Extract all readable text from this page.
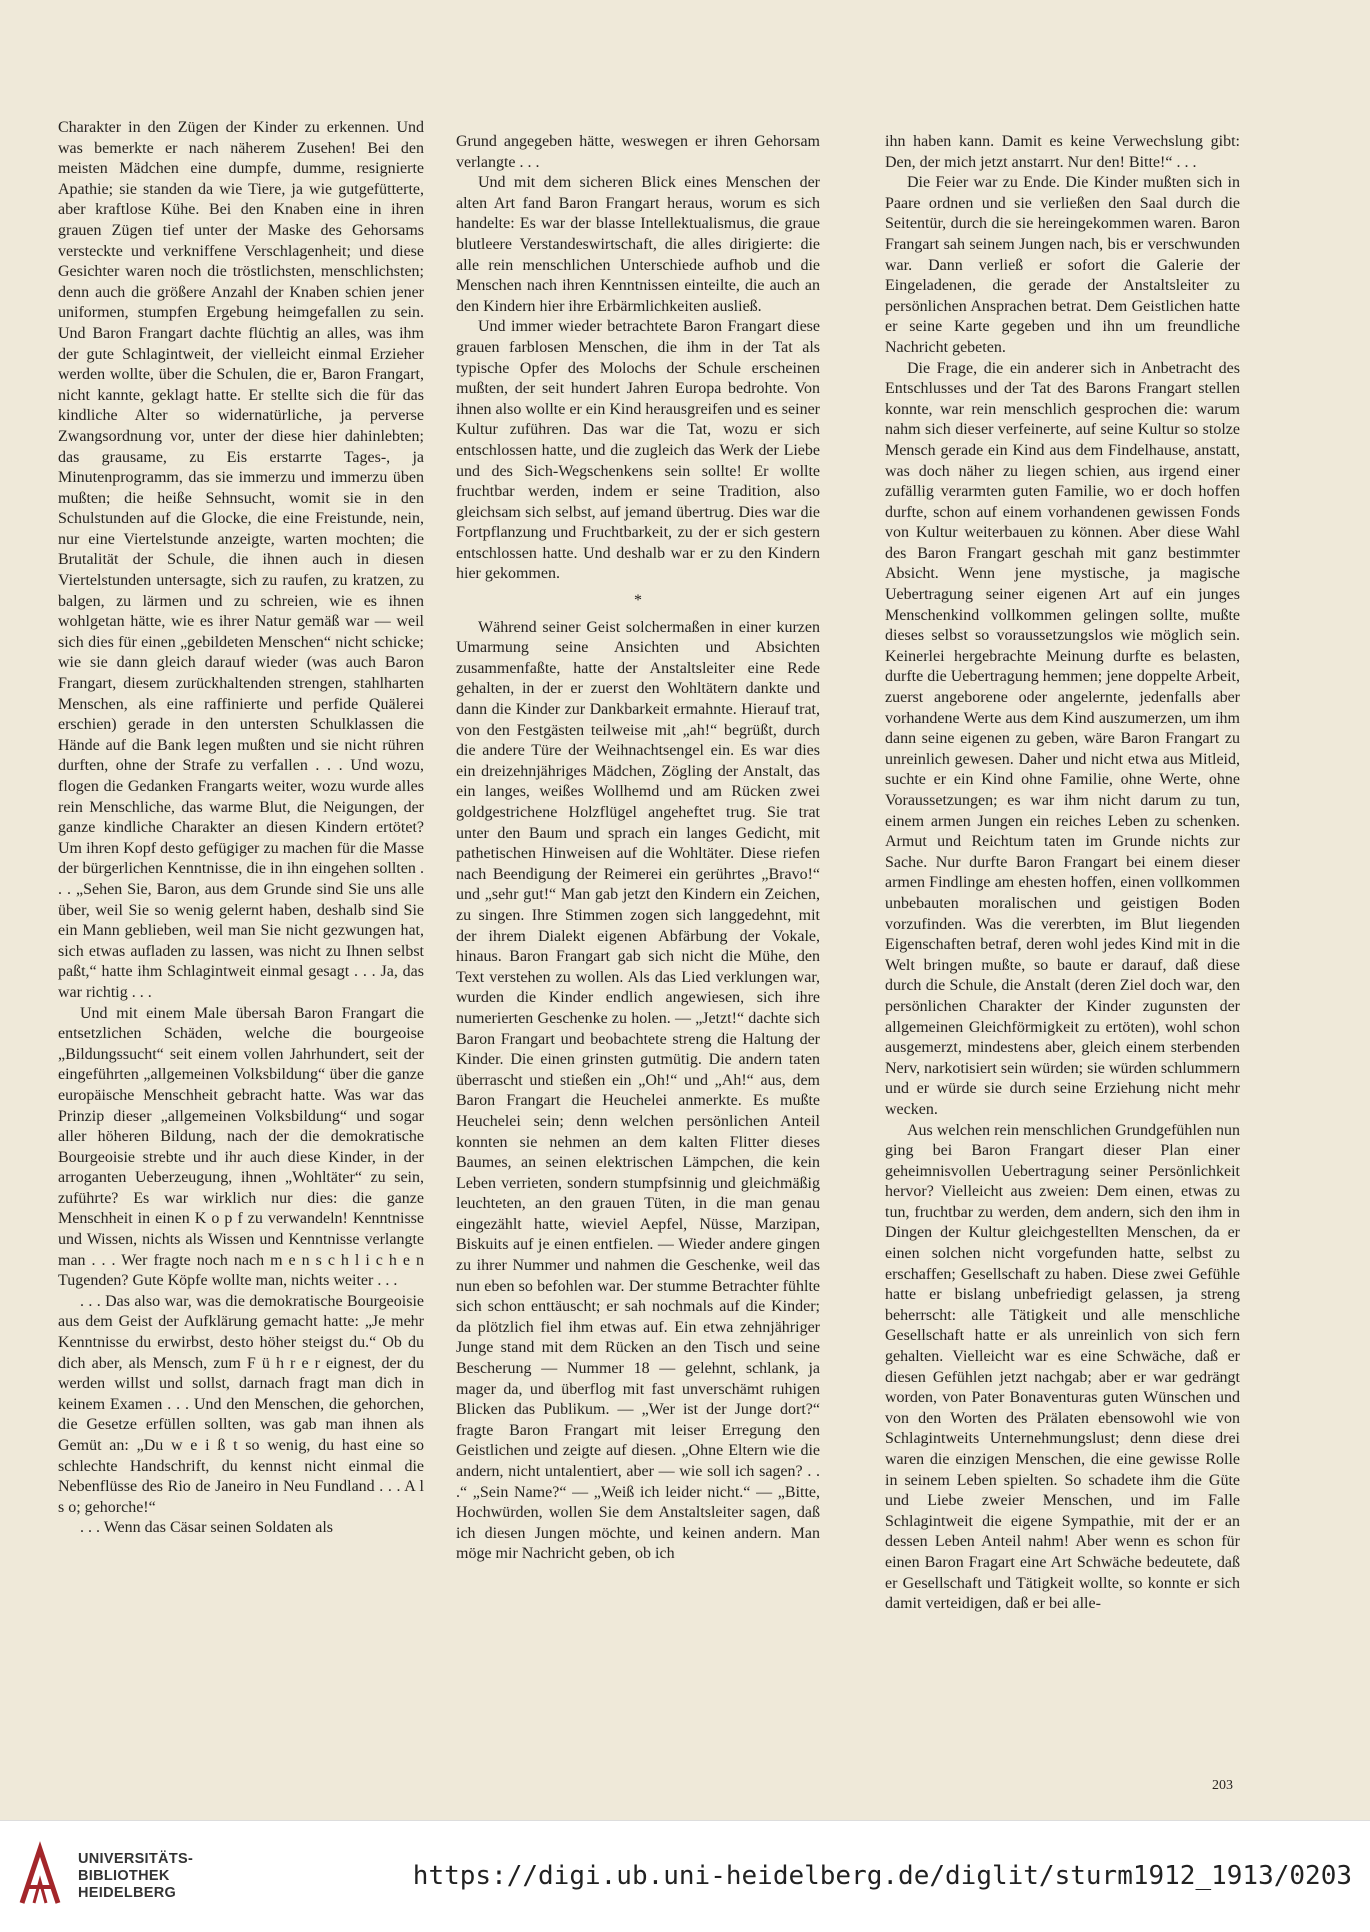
Charakter in den Zügen der Kinder zu erkennen. Und was bemerkte er nach näherem Zusehen! Bei den meisten Mädchen eine dumpfe, dumme, resignierte Apathie; sie standen da wie Tiere, ja wie gutgefütterte, aber kraftlose Kühe. Bei den Knaben eine in ihren grauen Zügen tief unter der Maske des Gehorsams versteckte und verkniffene Verschlagenheit; und diese Gesichter waren noch die tröstlichsten, menschlichsten; denn auch die größere Anzahl der Knaben schien jener uniformen, stumpfen Ergebung heimgefallen zu sein. Und Baron Frangart dachte flüchtig an alles, was ihm der gute Schlagintweit, der vielleicht einmal Erzieher werden wollte, über die Schulen, die er, Baron Frangart, nicht kannte, geklagt hatte. Er stellte sich die für das kindliche Alter so widernatürliche, ja perverse Zwangsordnung vor, unter der diese hier dahinlebten; das grausame, zu Eis erstarrte Tages-, ja Minutenprogramm, das sie immerzu und immerzu üben mußten; die heiße Sehnsucht, womit sie in den Schulstunden auf die Glocke, die eine Freistunde, nein, nur eine Viertelstunde anzeigte, warten mochten; die Brutalität der Schule, die ihnen auch in diesen Viertelstunden untersagte, sich zu raufen, zu kratzen, zu balgen, zu lärmen und zu schreien, wie es ihnen wohlgetan hätte, wie es ihrer Natur gemäß war — weil sich dies für einen „gebildeten Menschen“ nicht schicke; wie sie dann gleich darauf wieder (was auch Baron Frangart, diesem zurückhaltenden strengen, stahlharten Menschen, als eine raffinierte und perfide Quälerei erschien) gerade in den untersten Schulklassen die Hände auf die Bank legen mußten und sie nicht rühren durften, ohne der Strafe zu verfallen . . . Und wozu, flogen die Gedanken Frangarts weiter, wozu wurde alles rein Menschliche, das warme Blut, die Neigungen, der ganze kindliche Charakter an diesen Kindern ertötet? Um ihren Kopf desto gefügiger zu machen für die Masse der bürgerlichen Kenntnisse, die in ihn eingehen sollten . . . „Sehen Sie, Baron, aus dem Grunde sind Sie uns alle über, weil Sie so wenig gelernt haben, deshalb sind Sie ein Mann geblieben, weil man Sie nicht gezwungen hat, sich etwas aufladen zu lassen, was nicht zu Ihnen selbst paßt,“ hatte ihm Schlagintweit einmal gesagt . . . Ja, das war richtig . . .

Und mit einem Male übersah Baron Frangart die entsetzlichen Schäden, welche die bourgeoise „Bildungssucht“ seit einem vollen Jahrhundert, seit der eingeführten „allgemeinen Volksbildung“ über die ganze europäische Menschheit gebracht hatte. Was war das Prinzip dieser „allgemeinen Volksbildung“ und sogar aller höheren Bildung, nach der die demokratische Bourgeoisie strebte und ihr auch diese Kinder, in der arroganten Ueberzeugung, ihnen „Wohltäter“ zu sein, zuführte? Es war wirklich nur dies: die ganze Menschheit in einen K o p f zu verwandeln! Kenntnisse und Wissen, nichts als Wissen und Kenntnisse verlangte man . . . Wer fragte noch nach m e n s c h l i c h e n Tugenden? Gute Köpfe wollte man, nichts weiter . . .

. . . Das also war, was die demokratische Bourgeoisie aus dem Geist der Aufklärung gemacht hatte: „Je mehr Kenntnisse du erwirbst, desto höher steigst du.“ Ob du dich aber, als Mensch, zum F ü h r e r eignest, der du werden willst und sollst, darnach fragt man dich in keinem Examen . . . Und den Menschen, die gehorchen, die Gesetze erfüllen sollten, was gab man ihnen als Gemüt an: „Du w e i ß t so wenig, du hast eine so schlechte Handschrift, du kennst nicht einmal die Nebenflüsse des Rio de Janeiro in Neu Fundland . . . A l s o; gehorche!“

. . . Wenn das Cäsar seinen Soldaten als

Grund angegeben hätte, weswegen er ihren Gehorsam verlangte . . .

Und mit dem sicheren Blick eines Menschen der alten Art fand Baron Frangart heraus, worum es sich handelte: Es war der blasse Intellektualismus, die graue blutleere Verstandeswirtschaft, die alles dirigierte: die alle rein menschlichen Unterschiede aufhob und die Menschen nach ihren Kenntnissen einteilte, die auch an den Kindern hier ihre Erbärmlichkeiten ausließ.

Und immer wieder betrachtete Baron Frangart diese grauen farblosen Menschen, die ihm in der Tat als typische Opfer des Molochs der Schule erscheinen mußten, der seit hundert Jahren Europa bedrohte. Von ihnen also wollte er ein Kind herausgreifen und es seiner Kultur zuführen. Das war die Tat, wozu er sich entschlossen hatte, und die zugleich das Werk der Liebe und des Sich-Wegschenkens sein sollte! Er wollte fruchtbar werden, indem er seine Tradition, also gleichsam sich selbst, auf jemand übertrug. Dies war die Fortpflanzung und Fruchtbarkeit, zu der er sich gestern entschlossen hatte. Und deshalb war er zu den Kindern hier gekommen.

*

Während seiner Geist solchermaßen in einer kurzen Umarmung seine Ansichten und Absichten zusammenfaßte, hatte der Anstaltsleiter eine Rede gehalten, in der er zuerst den Wohltätern dankte und dann die Kinder zur Dankbarkeit ermahnte. Hierauf trat, von den Festgästen teilweise mit „ah!“ begrüßt, durch die andere Türe der Weihnachtsengel ein. Es war dies ein dreizehnjähriges Mädchen, Zögling der Anstalt, das ein langes, weißes Wollhemd und am Rücken zwei goldgestrichene Holzflügel angeheftet trug. Sie trat unter den Baum und sprach ein langes Gedicht, mit pathetischen Hinweisen auf die Wohltäter. Diese riefen nach Beendigung der Reimerei ein gerührtes „Bravo!“ und „sehr gut!“ Man gab jetzt den Kindern ein Zeichen, zu singen. Ihre Stimmen zogen sich langgedehnt, mit der ihrem Dialekt eigenen Abfärbung der Vokale, hinaus. Baron Frangart gab sich nicht die Mühe, den Text verstehen zu wollen. Als das Lied verklungen war, wurden die Kinder endlich angewiesen, sich ihre numerierten Geschenke zu holen. — „Jetzt!“ dachte sich Baron Frangart und beobachtete streng die Haltung der Kinder. Die einen grinsten gutmütig. Die andern taten überrascht und stießen ein „Oh!“ und „Ah!“ aus, dem Baron Frangart die Heuchelei anmerkte. Es mußte Heuchelei sein; denn welchen persönlichen Anteil konnten sie nehmen an dem kalten Flitter dieses Baumes, an seinen elektrischen Lämpchen, die kein Leben verrieten, sondern stumpfsinnig und gleichmäßig leuchteten, an den grauen Tüten, in die man genau eingezählt hatte, wieviel Aepfel, Nüsse, Marzipan, Biskuits auf je einen entfielen. — Wieder andere gingen zu ihrer Nummer und nahmen die Geschenke, weil das nun eben so befohlen war. Der stumme Betrachter fühlte sich schon enttäuscht; er sah nochmals auf die Kinder; da plötzlich fiel ihm etwas auf. Ein etwa zehnjähriger Junge stand mit dem Rücken an den Tisch und seine Bescherung — Nummer 18 — gelehnt, schlank, ja mager da, und überflog mit fast unverschämt ruhigen Blicken das Publikum. — „Wer ist der Junge dort?“ fragte Baron Frangart mit leiser Erregung den Geistlichen und zeigte auf diesen. „Ohne Eltern wie die andern, nicht untalentiert, aber — wie soll ich sagen? . . .“ „Sein Name?“ — „Weiß ich leider nicht.“ — „Bitte, Hochwürden, wollen Sie dem Anstaltsleiter sagen, daß ich diesen Jungen möchte, und keinen andern. Man möge mir Nachricht geben, ob ich

ihn haben kann. Damit es keine Verwechslung gibt: Den, der mich jetzt anstarrt. Nur den! Bitte!“ . . .

Die Feier war zu Ende. Die Kinder mußten sich in Paare ordnen und sie verließen den Saal durch die Seitentür, durch die sie hereingekommen waren. Baron Frangart sah seinem Jungen nach, bis er verschwunden war. Dann verließ er sofort die Galerie der Eingeladenen, die gerade der Anstaltsleiter zu persönlichen Ansprachen betrat. Dem Geistlichen hatte er seine Karte gegeben und ihn um freundliche Nachricht gebeten.

Die Frage, die ein anderer sich in Anbetracht des Entschlusses und der Tat des Barons Frangart stellen konnte, war rein menschlich gesprochen die: warum nahm sich dieser verfeinerte, auf seine Kultur so stolze Mensch gerade ein Kind aus dem Findelhause, anstatt, was doch näher zu liegen schien, aus irgend einer zufällig verarmten guten Familie, wo er doch hoffen durfte, schon auf einem vorhandenen gewissen Fonds von Kultur weiterbauen zu können. Aber diese Wahl des Baron Frangart geschah mit ganz bestimmter Absicht. Wenn jene mystische, ja magische Uebertragung seiner eigenen Art auf ein junges Menschenkind vollkommen gelingen sollte, mußte dieses selbst so voraussetzungslos wie möglich sein. Keinerlei hergebrachte Meinung durfte es belasten, durfte die Uebertragung hemmen; jene doppelte Arbeit, zuerst angeborene oder angelernte, jedenfalls aber vorhandene Werte aus dem Kind auszumerzen, um ihm dann seine eigenen zu geben, wäre Baron Frangart zu unreinlich gewesen. Daher und nicht etwa aus Mitleid, suchte er ein Kind ohne Familie, ohne Werte, ohne Voraussetzungen; es war ihm nicht darum zu tun, einem armen Jungen ein reiches Leben zu schenken. Armut und Reichtum taten im Grunde nichts zur Sache. Nur durfte Baron Frangart bei einem dieser armen Findlinge am ehesten hoffen, einen vollkommen unbebauten moralischen und geistigen Boden vorzufinden. Was die vererbten, im Blut liegenden Eigenschaften betraf, deren wohl jedes Kind mit in die Welt bringen mußte, so baute er darauf, daß diese durch die Schule, die Anstalt (deren Ziel doch war, den persönlichen Charakter der Kinder zugunsten der allgemeinen Gleichförmigkeit zu ertöten), wohl schon ausgemerzt, mindestens aber, gleich einem sterbenden Nerv, narkotisiert sein würden; sie würden schlummern und er würde sie durch seine Erziehung nicht mehr wecken.

Aus welchen rein menschlichen Grundgefühlen nun ging bei Baron Frangart dieser Plan einer geheimnisvollen Uebertragung seiner Persönlichkeit hervor? Vielleicht aus zweien: Dem einen, etwas zu tun, fruchtbar zu werden, dem andern, sich den ihm in Dingen der Kultur gleichgestellten Menschen, da er einen solchen nicht vorgefunden hatte, selbst zu erschaffen; Gesellschaft zu haben. Diese zwei Gefühle hatte er bislang unbefriedigt gelassen, ja streng beherrscht: alle Tätigkeit und alle menschliche Gesellschaft hatte er als unreinlich von sich fern gehalten. Vielleicht war es eine Schwäche, daß er diesen Gefühlen jetzt nachgab; aber er war gedrängt worden, von Pater Bonaventuras guten Wünschen und von den Worten des Prälaten ebensowohl wie von Schlagintweits Unternehmungslust; denn diese drei waren die einzigen Menschen, die eine gewisse Rolle in seinem Leben spielten. So schadete ihm die Güte und Liebe zweier Menschen, und im Falle Schlagintweit die eigene Sympathie, mit der er an dessen Leben Anteil nahm! Aber wenn es schon für einen Baron Fragart eine Art Schwäche bedeutete, daß er Gesellschaft und Tätigkeit wollte, so konnte er sich damit verteidigen, daß er bei alle-

203
UNIVERSITÄTS-
BIBLIOTHEK
HEIDELBERG
https://digi.ub.uni-heidelberg.de/diglit/sturm1912_1913/0203
